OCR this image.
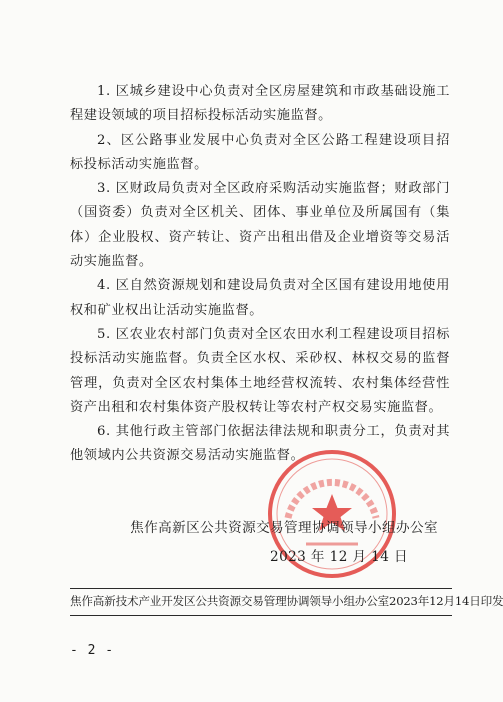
1. 区城乡建设中心负责对全区房屋建筑和市政基础设施工程建设领域的项目招标投标活动实施监督。

2、区公路事业发展中心负责对全区公路工程建设项目招标投标活动实施监督。

3. 区财政局负责对全区政府采购活动实施监督；财政部门（国资委）负责对全区机关、团体、事业单位及所属国有（集体）企业股权、资产转让、资产出租出借及企业增资等交易活动实施监督。

4. 区自然资源规划和建设局负责对全区国有建设用地使用权和矿业权出让活动实施监督。

5. 区农业农村部门负责对全区农田水利工程建设项目招标投标活动实施监督。负责全区水权、采砂权、林权交易的监督管理，负责对全区农村集体土地经营权流转、农村集体经营性资产出租和农村集体资产股权转让等农村产权交易实施监督。

6. 其他行政主管部门依据法律法规和职责分工，负责对其他领域内公共资源交易活动实施监督。

焦作高新区公共资源交易管理协调领导小组办公室
2023 年 12 月 14 日
焦作高新技术产业开发区公共资源交易管理协调领导小组办公室 2023年12月14日印发
- 2 -
